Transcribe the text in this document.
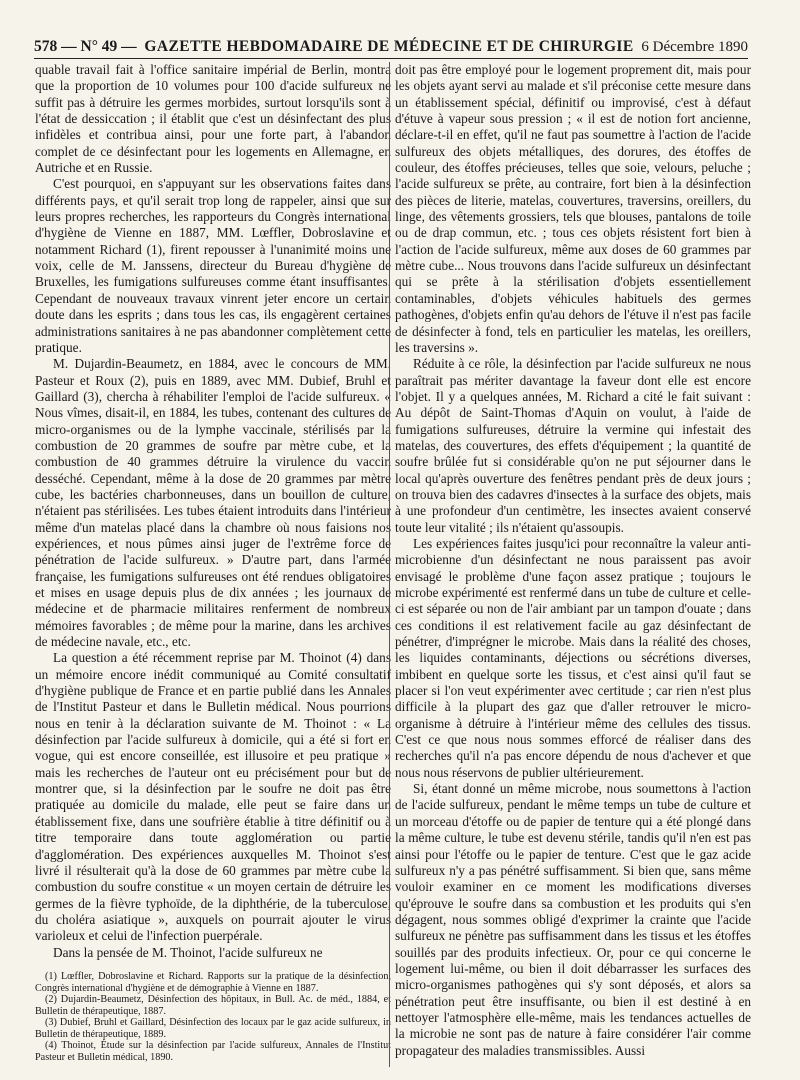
578 — N° 49 — GAZETTE HEBDOMADAIRE DE MÉDECINE ET DE CHIRURGIE 6 Décembre 1890

quable travail fait à l'office sanitaire impérial de Berlin, montra que la proportion de 10 volumes pour 100 d'acide sulfureux ne suffit pas à détruire les germes morbides, surtout lorsqu'ils sont à l'état de dessiccation ; il établit que c'est un désinfectant des plus infidèles et contribua ainsi, pour une forte part, à l'abandon complet de ce désinfectant pour les logements en Allemagne, en Autriche et en Russie.

C'est pourquoi, en s'appuyant sur les observations faites dans différents pays, et qu'il serait trop long de rappeler, ainsi que sur leurs propres recherches, les rapporteurs du Congrès international d'hygiène de Vienne en 1887, MM. Lœffler, Dobroslavine et notamment Richard (1), firent repousser à l'unanimité moins une voix, celle de M. Janssens, directeur du Bureau d'hygiène de Bruxelles, les fumigations sulfureuses comme étant insuffisantes. Cependant de nouveaux travaux vinrent jeter encore un certain doute dans les esprits ; dans tous les cas, ils engagèrent certaines administrations sanitaires à ne pas abandonner complètement cette pratique.

M. Dujardin-Beaumetz, en 1884, avec le concours de MM. Pasteur et Roux (2), puis en 1889, avec MM. Dubief, Bruhl et Gaillard (3), chercha à réhabiliter l'emploi de l'acide sulfureux. « Nous vîmes, disait-il, en 1884, les tubes, contenant des cultures de micro-organismes ou de la lymphe vaccinale, stérilisés par la combustion de 20 grammes de soufre par mètre cube, et la combustion de 40 grammes détruire la virulence du vaccin desséché. Cependant, même à la dose de 20 grammes par mètre cube, les bactéries charbonneuses, dans un bouillon de culture, n'étaient pas stérilisées. Les tubes étaient introduits dans l'intérieur même d'un matelas placé dans la chambre où nous faisions nos expériences, et nous pûmes ainsi juger de l'extrême force de pénétration de l'acide sulfureux. » D'autre part, dans l'armée française, les fumigations sulfureuses ont été rendues obligatoires et mises en usage depuis plus de dix années ; les journaux de médecine et de pharmacie militaires renferment de nombreux mémoires favorables ; de même pour la marine, dans les archives de médecine navale, etc., etc.

La question a été récemment reprise par M. Thoinot (4) dans un mémoire encore inédit communiqué au Comité consultatif d'hygiène publique de France et en partie publié dans les Annales de l'Institut Pasteur et dans le Bulletin médical. Nous pourrions nous en tenir à la déclaration suivante de M. Thoinot : « La désinfection par l'acide sulfureux à domicile, qui a été si fort en vogue, qui est encore conseillée, est illusoire et peu pratique » mais les recherches de l'auteur ont eu précisément pour but de montrer que, si la désinfection par le soufre ne doit pas être pratiquée au domicile du malade, elle peut se faire dans un établissement fixe, dans une soufrière établie à titre définitif ou à titre temporaire dans toute agglomération ou partie d'agglomération. Des expériences auxquelles M. Thoinot s'est livré il résulterait qu'à la dose de 60 grammes par mètre cube la combustion du soufre constitue « un moyen certain de détruire les germes de la fièvre typhoïde, de la diphthérie, de la tuberculose, du choléra asiatique », auxquels on pourrait ajouter le virus varioleux et celui de l'infection puerpérale.

Dans la pensée de M. Thoinot, l'acide sulfureux ne

(1) Lœffler, Dobroslavine et Richard. Rapports sur la pratique de la désinfection, Congrès international d'hygiène et de démographie à Vienne en 1887.

(2) Dujardin-Beaumetz, Désinfection des hôpitaux, in Bull. Ac. de méd., 1884, et Bulletin de thérapeutique, 1887.

(3) Dubief, Bruhl et Gaillard, Désinfection des locaux par le gaz acide sulfureux, in Bulletin de thérapeutique, 1889.

(4) Thoinot, Étude sur la désinfection par l'acide sulfureux, Annales de l'Institut Pasteur et Bulletin médical, 1890.

doit pas être employé pour le logement proprement dit, mais pour les objets ayant servi au malade et s'il préconise cette mesure dans un établissement spécial, définitif ou improvisé, c'est à défaut d'étuve à vapeur sous pression ; « il est de notion fort ancienne, déclare-t-il en effet, qu'il ne faut pas soumettre à l'action de l'acide sulfureux des objets métalliques, des dorures, des étoffes de couleur, des étoffes précieuses, telles que soie, velours, peluche ; l'acide sulfureux se prête, au contraire, fort bien à la désinfection des pièces de literie, matelas, couvertures, traversins, oreillers, du linge, des vêtements grossiers, tels que blouses, pantalons de toile ou de drap commun, etc. ; tous ces objets résistent fort bien à l'action de l'acide sulfureux, même aux doses de 60 grammes par mètre cube... Nous trouvons dans l'acide sulfureux un désinfectant qui se prête à la stérilisation d'objets essentiellement contaminables, d'objets véhicules habituels des germes pathogènes, d'objets enfin qu'au dehors de l'étuve il n'est pas facile de désinfecter à fond, tels en particulier les matelas, les oreillers, les traversins ».

Réduite à ce rôle, la désinfection par l'acide sulfureux ne nous paraîtrait pas mériter davantage la faveur dont elle est encore l'objet. Il y a quelques années, M. Richard a cité le fait suivant : Au dépôt de Saint-Thomas d'Aquin on voulut, à l'aide de fumigations sulfureuses, détruire la vermine qui infestait des matelas, des couvertures, des effets d'équipement ; la quantité de soufre brûlée fut si considérable qu'on ne put séjourner dans le local qu'après ouverture des fenêtres pendant près de deux jours ; on trouva bien des cadavres d'insectes à la surface des objets, mais à une profondeur d'un centimètre, les insectes avaient conservé toute leur vitalité ; ils n'étaient qu'assoupis.

Les expériences faites jusqu'ici pour reconnaître la valeur anti-microbienne d'un désinfectant ne nous paraissent pas avoir envisagé le problème d'une façon assez pratique ; toujours le microbe expérimenté est renfermé dans un tube de culture et celle-ci est séparée ou non de l'air ambiant par un tampon d'ouate ; dans ces conditions il est relativement facile au gaz désinfectant de pénétrer, d'imprégner le microbe. Mais dans la réalité des choses, les liquides contaminants, déjections ou sécrétions diverses, imbibent en quelque sorte les tissus, et c'est ainsi qu'il faut se placer si l'on veut expérimenter avec certitude ; car rien n'est plus difficile à la plupart des gaz que d'aller retrouver le micro-organisme à détruire à l'intérieur même des cellules des tissus. C'est ce que nous nous sommes efforcé de réaliser dans des recherches qu'il n'a pas encore dépendu de nous d'achever et que nous nous réservons de publier ultérieurement.

Si, étant donné un même microbe, nous soumettons à l'action de l'acide sulfureux, pendant le même temps un tube de culture et un morceau d'étoffe ou de papier de tenture qui a été plongé dans la même culture, le tube est devenu stérile, tandis qu'il n'en est pas ainsi pour l'étoffe ou le papier de tenture. C'est que le gaz acide sulfureux n'y a pas pénétré suffisamment. Si bien que, sans même vouloir examiner en ce moment les modifications diverses qu'éprouve le soufre dans sa combustion et les produits qui s'en dégagent, nous sommes obligé d'exprimer la crainte que l'acide sulfureux ne pénètre pas suffisamment dans les tissus et les étoffes souillés par des produits infectieux. Or, pour ce qui concerne le logement lui-même, ou bien il doit débarrasser les surfaces des micro-organismes pathogènes qui s'y sont déposés, et alors sa pénétration peut être insuffisante, ou bien il est destiné à en nettoyer l'atmosphère elle-même, mais les tendances actuelles de la microbie ne sont pas de nature à faire considérer l'air comme propagateur des maladies transmissibles. Aussi
